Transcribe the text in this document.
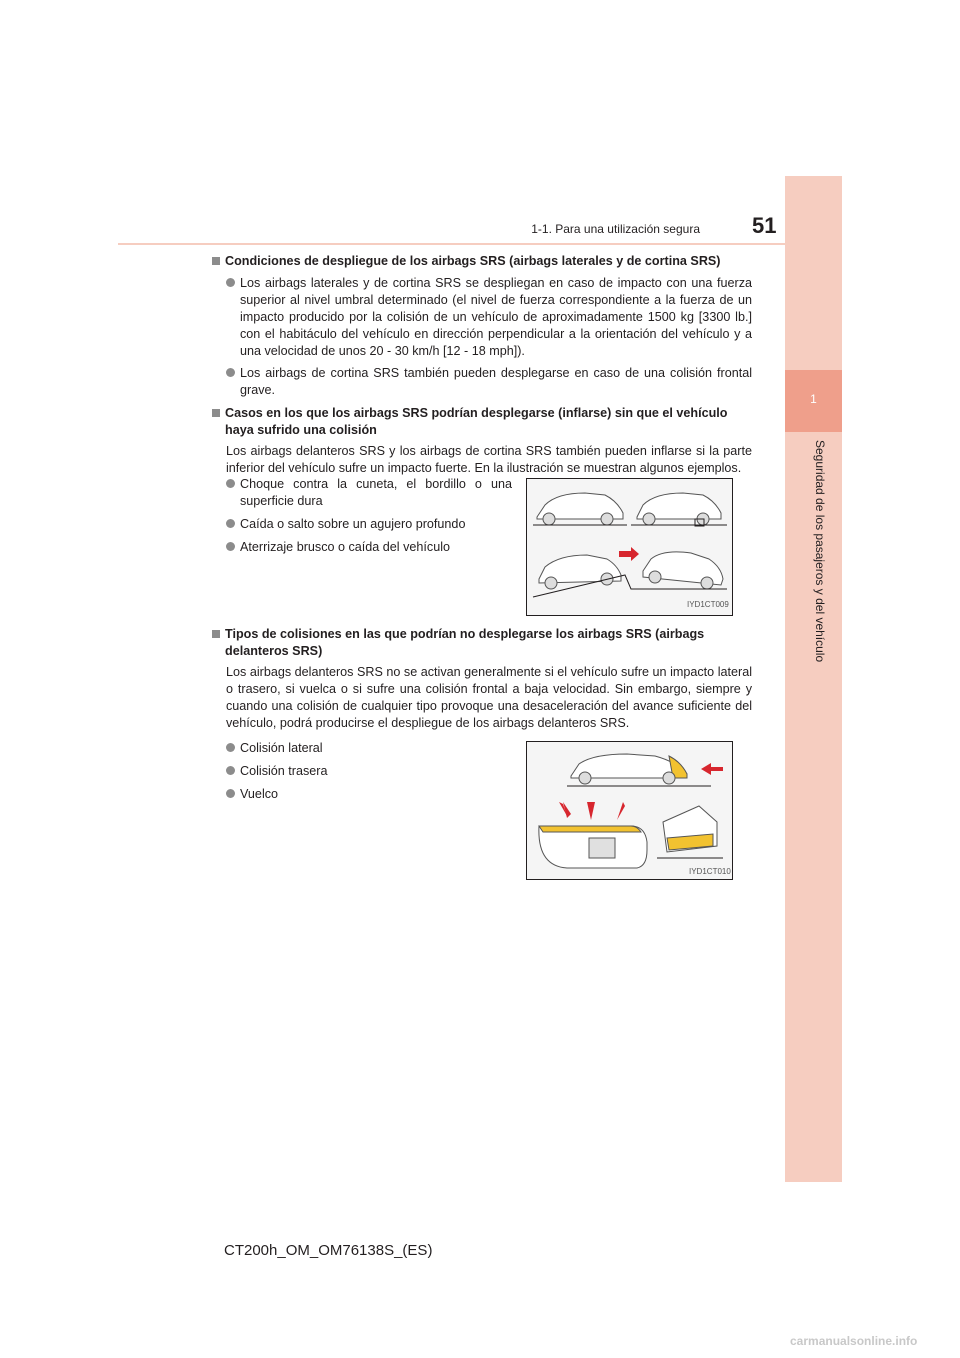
1
Seguridad de los pasajeros y del vehículo
1-1. Para una utilización segura 51
Condiciones de despliegue de los airbags SRS (airbags laterales y de cortina SRS)
Los airbags laterales y de cortina SRS se despliegan en caso de impacto con una fuerza superior al nivel umbral determinado (el nivel de fuerza correspondiente a la fuerza de un impacto producido por la colisión de un vehículo de aproximadamente 1500 kg [3300 lb.] con el habitáculo del vehículo en dirección perpendicular a la orientación del vehículo y a una velocidad de unos 20 - 30 km/h [12 - 18 mph]).
Los airbags de cortina SRS también pueden desplegarse en caso de una colisión frontal grave.
Casos en los que los airbags SRS podrían desplegarse (inflarse) sin que el vehículo haya sufrido una colisión
Los airbags delanteros SRS y los airbags de cortina SRS también pueden inflarse si la parte inferior del vehículo sufre un impacto fuerte. En la ilustración se muestran algunos ejemplos.
Choque contra la cuneta, el bordillo o una superficie dura
Caída o salto sobre un agujero profundo
Aterrizaje brusco o caída del vehículo
IYD1CT009
Tipos de colisiones en las que podrían no desplegarse los airbags SRS (airbags delanteros SRS)
Los airbags delanteros SRS no se activan generalmente si el vehículo sufre un impacto lateral o trasero, si vuelca o si sufre una colisión frontal a baja velocidad. Sin embargo, siempre y cuando una colisión de cualquier tipo provoque una desaceleración del avance suficiente del vehículo, podrá producirse el despliegue de los airbags delanteros SRS.
Colisión lateral
Colisión trasera
Vuelco
IYD1CT010
CT200h_OM_OM76138S_(ES)
carmanualsonline.info
